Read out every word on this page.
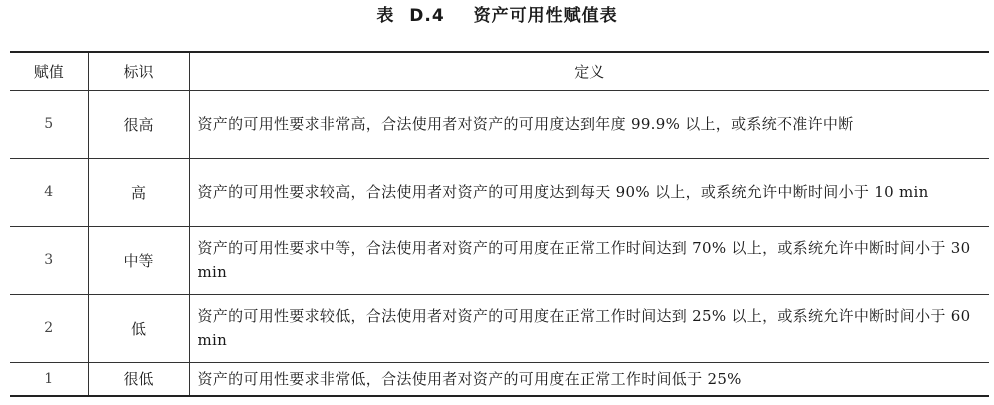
表 D.4 资产可用性赋值表
赋值	标识	定义
5	很高	资产的可用性要求非常高，合法使用者对资产的可用度达到年度 99.9% 以上，或系统不准许中断
4	高	资产的可用性要求较高，合法使用者对资产的可用度达到每天 90% 以上，或系统允许中断时间小于 10 min
3	中等	资产的可用性要求中等，合法使用者对资产的可用度在正常工作时间达到 70% 以上，或系统允许中断时间小于 30 min
2	低	资产的可用性要求较低，合法使用者对资产的可用度在正常工作时间达到 25% 以上，或系统允许中断时间小于 60 min
1	很低	资产的可用性要求非常低，合法使用者对资产的可用度在正常工作时间低于 25%
